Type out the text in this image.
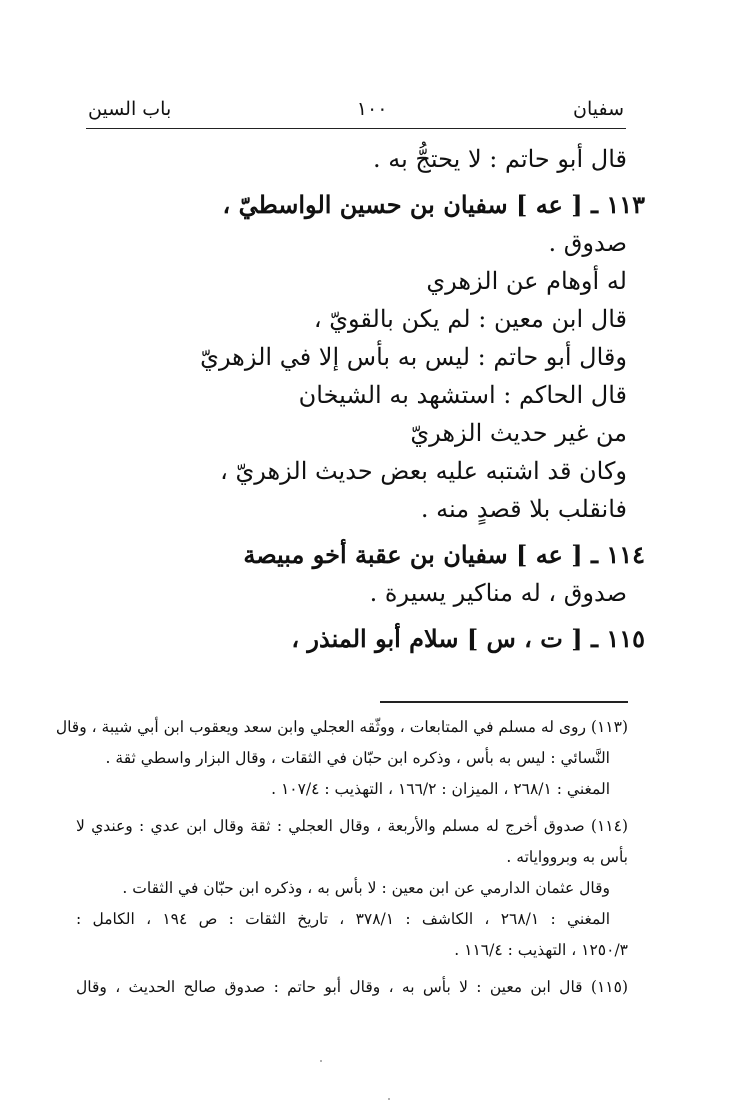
سفيان
١٠٠
باب السين
قال أبو حاتم : لا يحتجُّ به .
١١٣ ـ [ عه ] سفيان بن حسين الواسطيّ ،
صدوق .
له أوهام عن الزهري
قال ابن معين : لم يكن بالقويّ ،
وقال أبو حاتم : ليس به بأس إلا في الزهريّ
قال الحاكم : استشهد به الشيخان
من غير حديث الزهريّ
وكان قد اشتبه عليه بعض حديث الزهريّ ،
فانقلب بلا قصدٍ منه .
١١٤ ـ [ عه ] سفيان بن عقبة أخو مبيصة
صدوق ، له مناكير يسيرة .
١١٥ ـ [ ت ، س ] سلام أبو المنذر ،
(١١٣) روى له مسلم في المتابعات ، ووثّقه العجلي وابن سعد ويعقوب ابن أبي شيبة ، وقال
النَّسائي : ليس به بأس ، وذكره ابن حبّان في الثقات ، وقال البزار واسطي ثقة .
المغني : ٢٦٨/١ ، الميزان : ١٦٦/٢ ، التهذيب : ١٠٧/٤ .
(١١٤) صدوق أخرج له مسلم والأربعة ، وقال العجلي : ثقة وقال ابن عدي : وعندي لا
بأس به وبروواياته .
وقال عثمان الدارمي عن ابن معين : لا بأس به ، وذكره ابن حبّان في الثقات .
المغني : ٢٦٨/١ ، الكاشف : ٣٧٨/١ ، تاريخ الثقات : ص ١٩٤ ، الكامل :
١٢٥٠/٣ ، التهذيب : ١١٦/٤ .
(١١٥) قال ابن معين : لا بأس به ، وقال أبو حاتم : صدوق صالح الحديث ، وقال
